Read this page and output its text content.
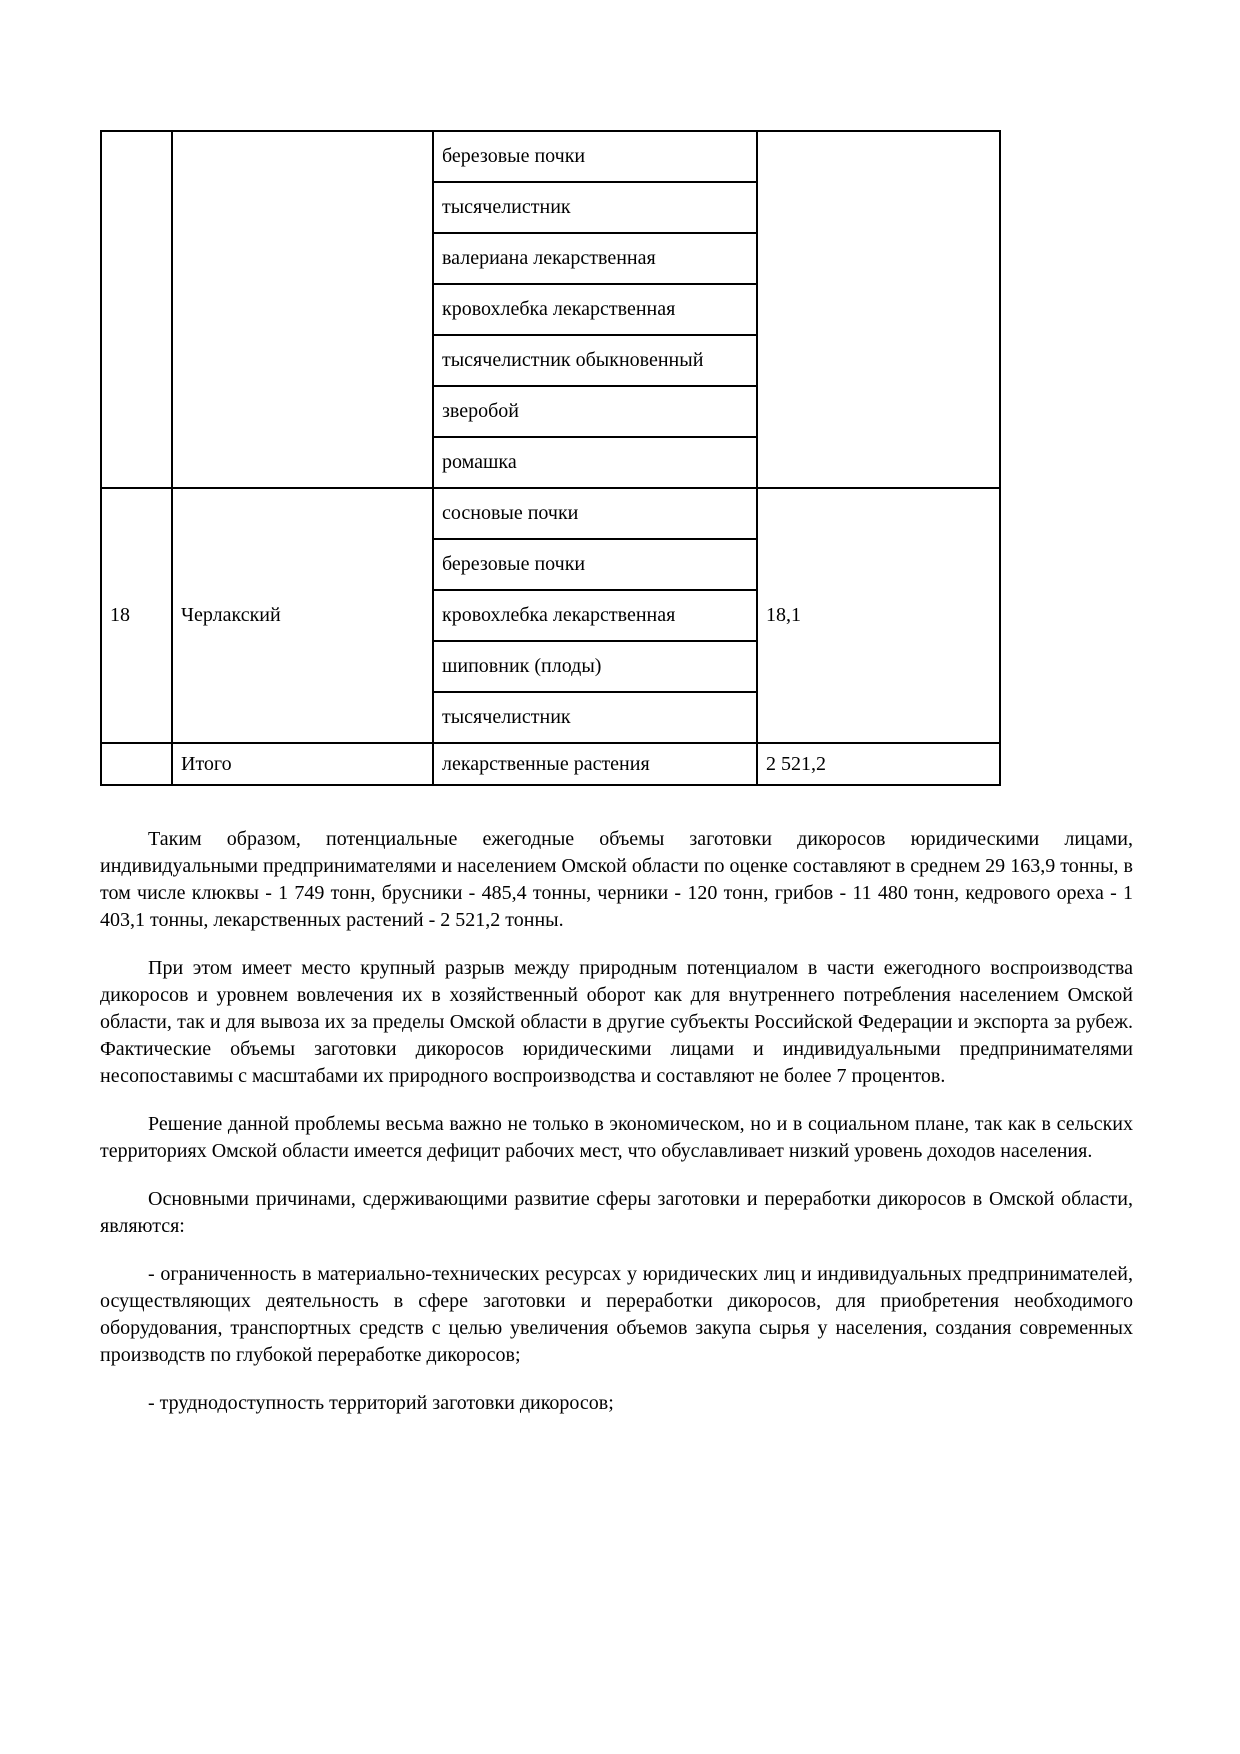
		березовые почки	
		тысячелистник	
		валериана лекарственная	
		кровохлебка лекарственная	
		тысячелистник обыкновенный	
		зверобой	
		ромашка	
18	Черлакский	сосновые почки	18,1
		березовые почки	
		кровохлебка лекарственная	
		шиповник (плоды)	
		тысячелистник	
	Итого	лекарственные растения	2 521,2

Таким образом, потенциальные ежегодные объемы заготовки дикоросов юридическими лицами, индивидуальными предпринимателями и населением Омской области по оценке составляют в среднем 29 163,9 тонны, в том числе клюквы - 1 749 тонн, брусники - 485,4 тонны, черники - 120 тонн, грибов - 11 480 тонн, кедрового ореха - 1 403,1 тонны, лекарственных растений - 2 521,2 тонны.

При этом имеет место крупный разрыв между природным потенциалом в части ежегодного воспроизводства дикоросов и уровнем вовлечения их в хозяйственный оборот как для внутреннего потребления населением Омской области, так и для вывоза их за пределы Омской области в другие субъекты Российской Федерации и экспорта за рубеж. Фактические объемы заготовки дикоросов юридическими лицами и индивидуальными предпринимателями несопоставимы с масштабами их природного воспроизводства и составляют не более 7 процентов.

Решение данной проблемы весьма важно не только в экономическом, но и в социальном плане, так как в сельских территориях Омской области имеется дефицит рабочих мест, что обуславливает низкий уровень доходов населения.

Основными причинами, сдерживающими развитие сферы заготовки и переработки дикоросов в Омской области, являются:

- ограниченность в материально-технических ресурсах у юридических лиц и индивидуальных предпринимателей, осуществляющих деятельность в сфере заготовки и переработки дикоросов, для приобретения необходимого оборудования, транспортных средств с целью увеличения объемов закупа сырья у населения, создания современных производств по глубокой переработке дикоросов;

- труднодоступность территорий заготовки дикоросов;
